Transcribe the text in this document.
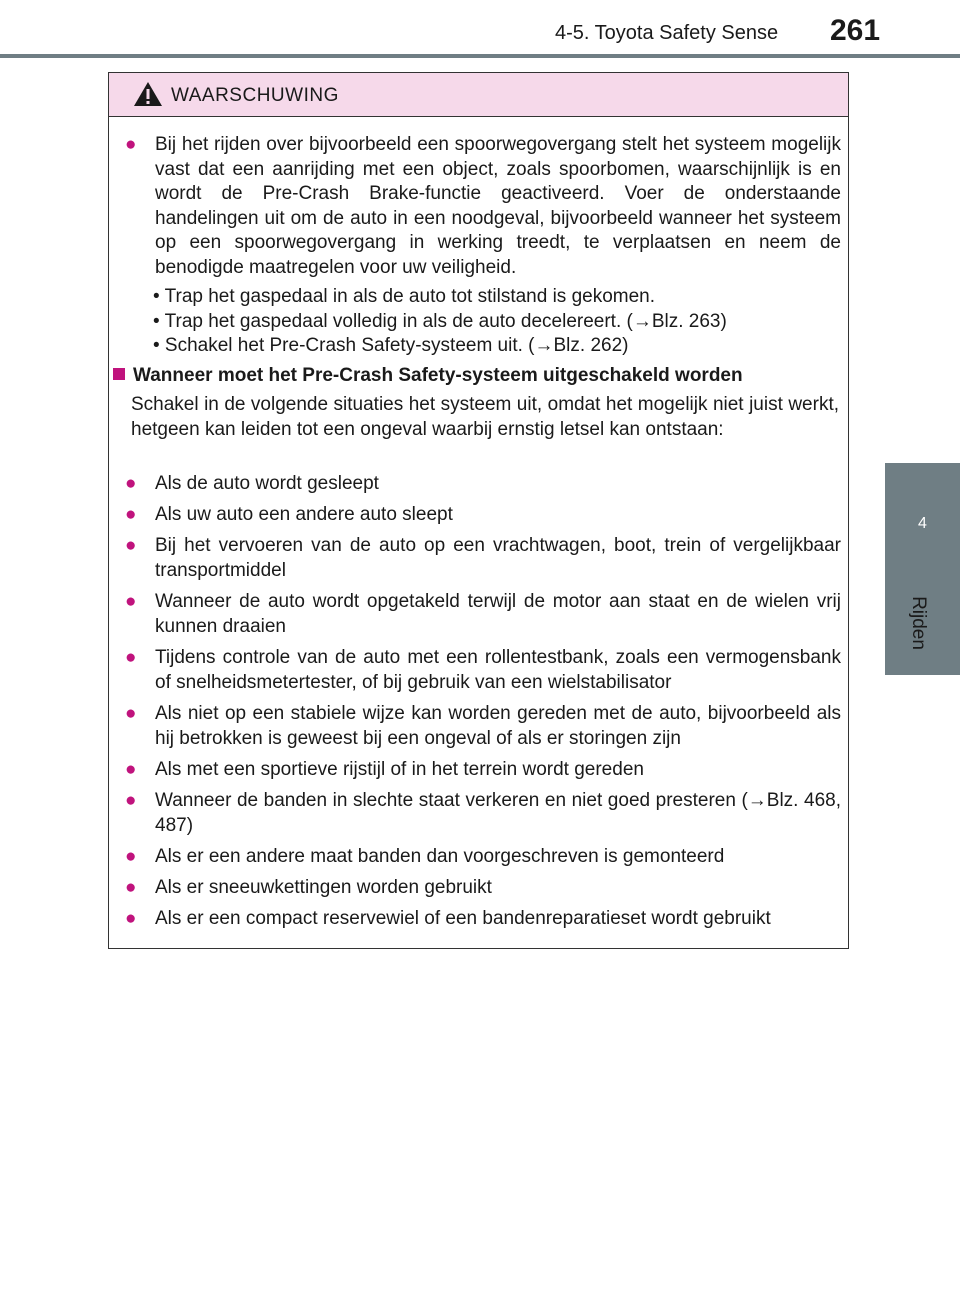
4-5. Toyota Safety Sense 261
4
Rijden
WAARSCHUWING
● Bij het rijden over bijvoorbeeld een spoorwegovergang stelt het systeem mogelijk vast dat een aanrijding met een object, zoals spoorbomen, waarschijnlijk is en wordt de Pre-Crash Brake-functie geactiveerd. Voer de onderstaande handelingen uit om de auto in een noodgeval, bijvoorbeeld wanneer het systeem op een spoorwegovergang in werking treedt, te verplaatsen en neem de benodigde maatregelen voor uw veiligheid.
• Trap het gaspedaal in als de auto tot stilstand is gekomen.
• Trap het gaspedaal volledig in als de auto decelereert. (→Blz. 263)
• Schakel het Pre-Crash Safety-systeem uit. (→Blz. 262)
Wanneer moet het Pre-Crash Safety-systeem uitgeschakeld worden
Schakel in de volgende situaties het systeem uit, omdat het mogelijk niet juist werkt, hetgeen kan leiden tot een ongeval waarbij ernstig letsel kan ontstaan:
● Als de auto wordt gesleept
● Als uw auto een andere auto sleept
● Bij het vervoeren van de auto op een vrachtwagen, boot, trein of vergelijkbaar transportmiddel
● Wanneer de auto wordt opgetakeld terwijl de motor aan staat en de wielen vrij kunnen draaien
● Tijdens controle van de auto met een rollentestbank, zoals een vermogensbank of snelheidsmetertester, of bij gebruik van een wielstabilisator
● Als niet op een stabiele wijze kan worden gereden met de auto, bijvoorbeeld als hij betrokken is geweest bij een ongeval of als er storingen zijn
● Als met een sportieve rijstijl of in het terrein wordt gereden
● Wanneer de banden in slechte staat verkeren en niet goed presteren (→Blz. 468, 487)
● Als er een andere maat banden dan voorgeschreven is gemonteerd
● Als er sneeuwkettingen worden gebruikt
● Als er een compact reservewiel of een bandenreparatieset wordt gebruikt
